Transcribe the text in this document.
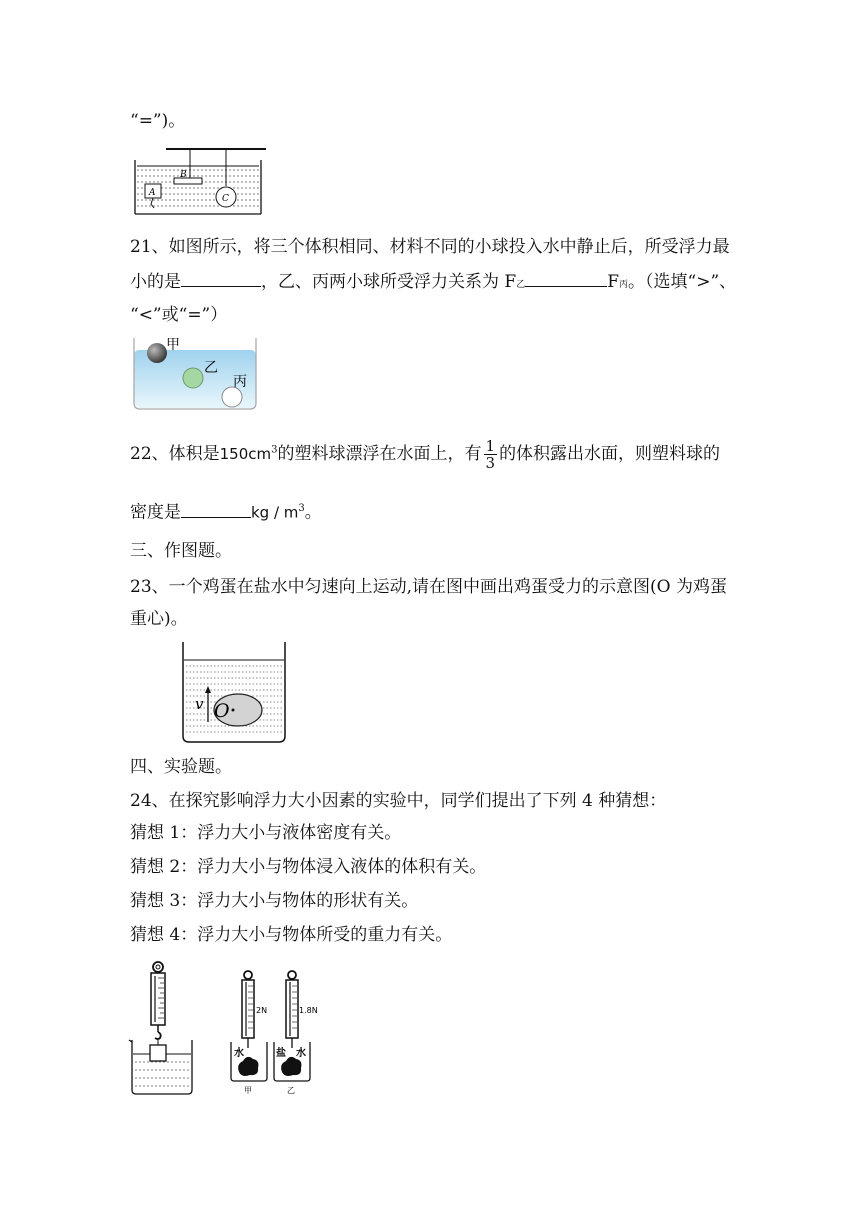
“=”)。
B
C
A
21、如图所示，将三个体积相同、材料不同的小球投入水中静止后，所受浮力最
小的是	，乙、丙两小球所受浮力关系为 F乙	F丙。（选填“>”、
“<”或“=”）
甲
乙
丙
22、体积是$150cm^3$的塑料球漂浮在水面上，有 $\frac{1}{3}$ 的体积露出水面，则塑料球的
密度是	kg / $m^3$。
三、作图题。
23、一个鸡蛋在盐水中匀速向上运动,请在图中画出鸡蛋受力的示意图(O 为鸡蛋
重心)。
v O
四、实验题。
24、在探究影响浮力大小因素的实验中，同学们提出了下列 4 种猜想：
猜想 1：浮力大小与液体密度有关。
猜想 2：浮力大小与物体浸入液体的体积有关。
猜想 3：浮力大小与物体的形状有关。
猜想 4：浮力大小与物体所受的重力有关。
2N
水
甲
1.8N
盐 水
乙
